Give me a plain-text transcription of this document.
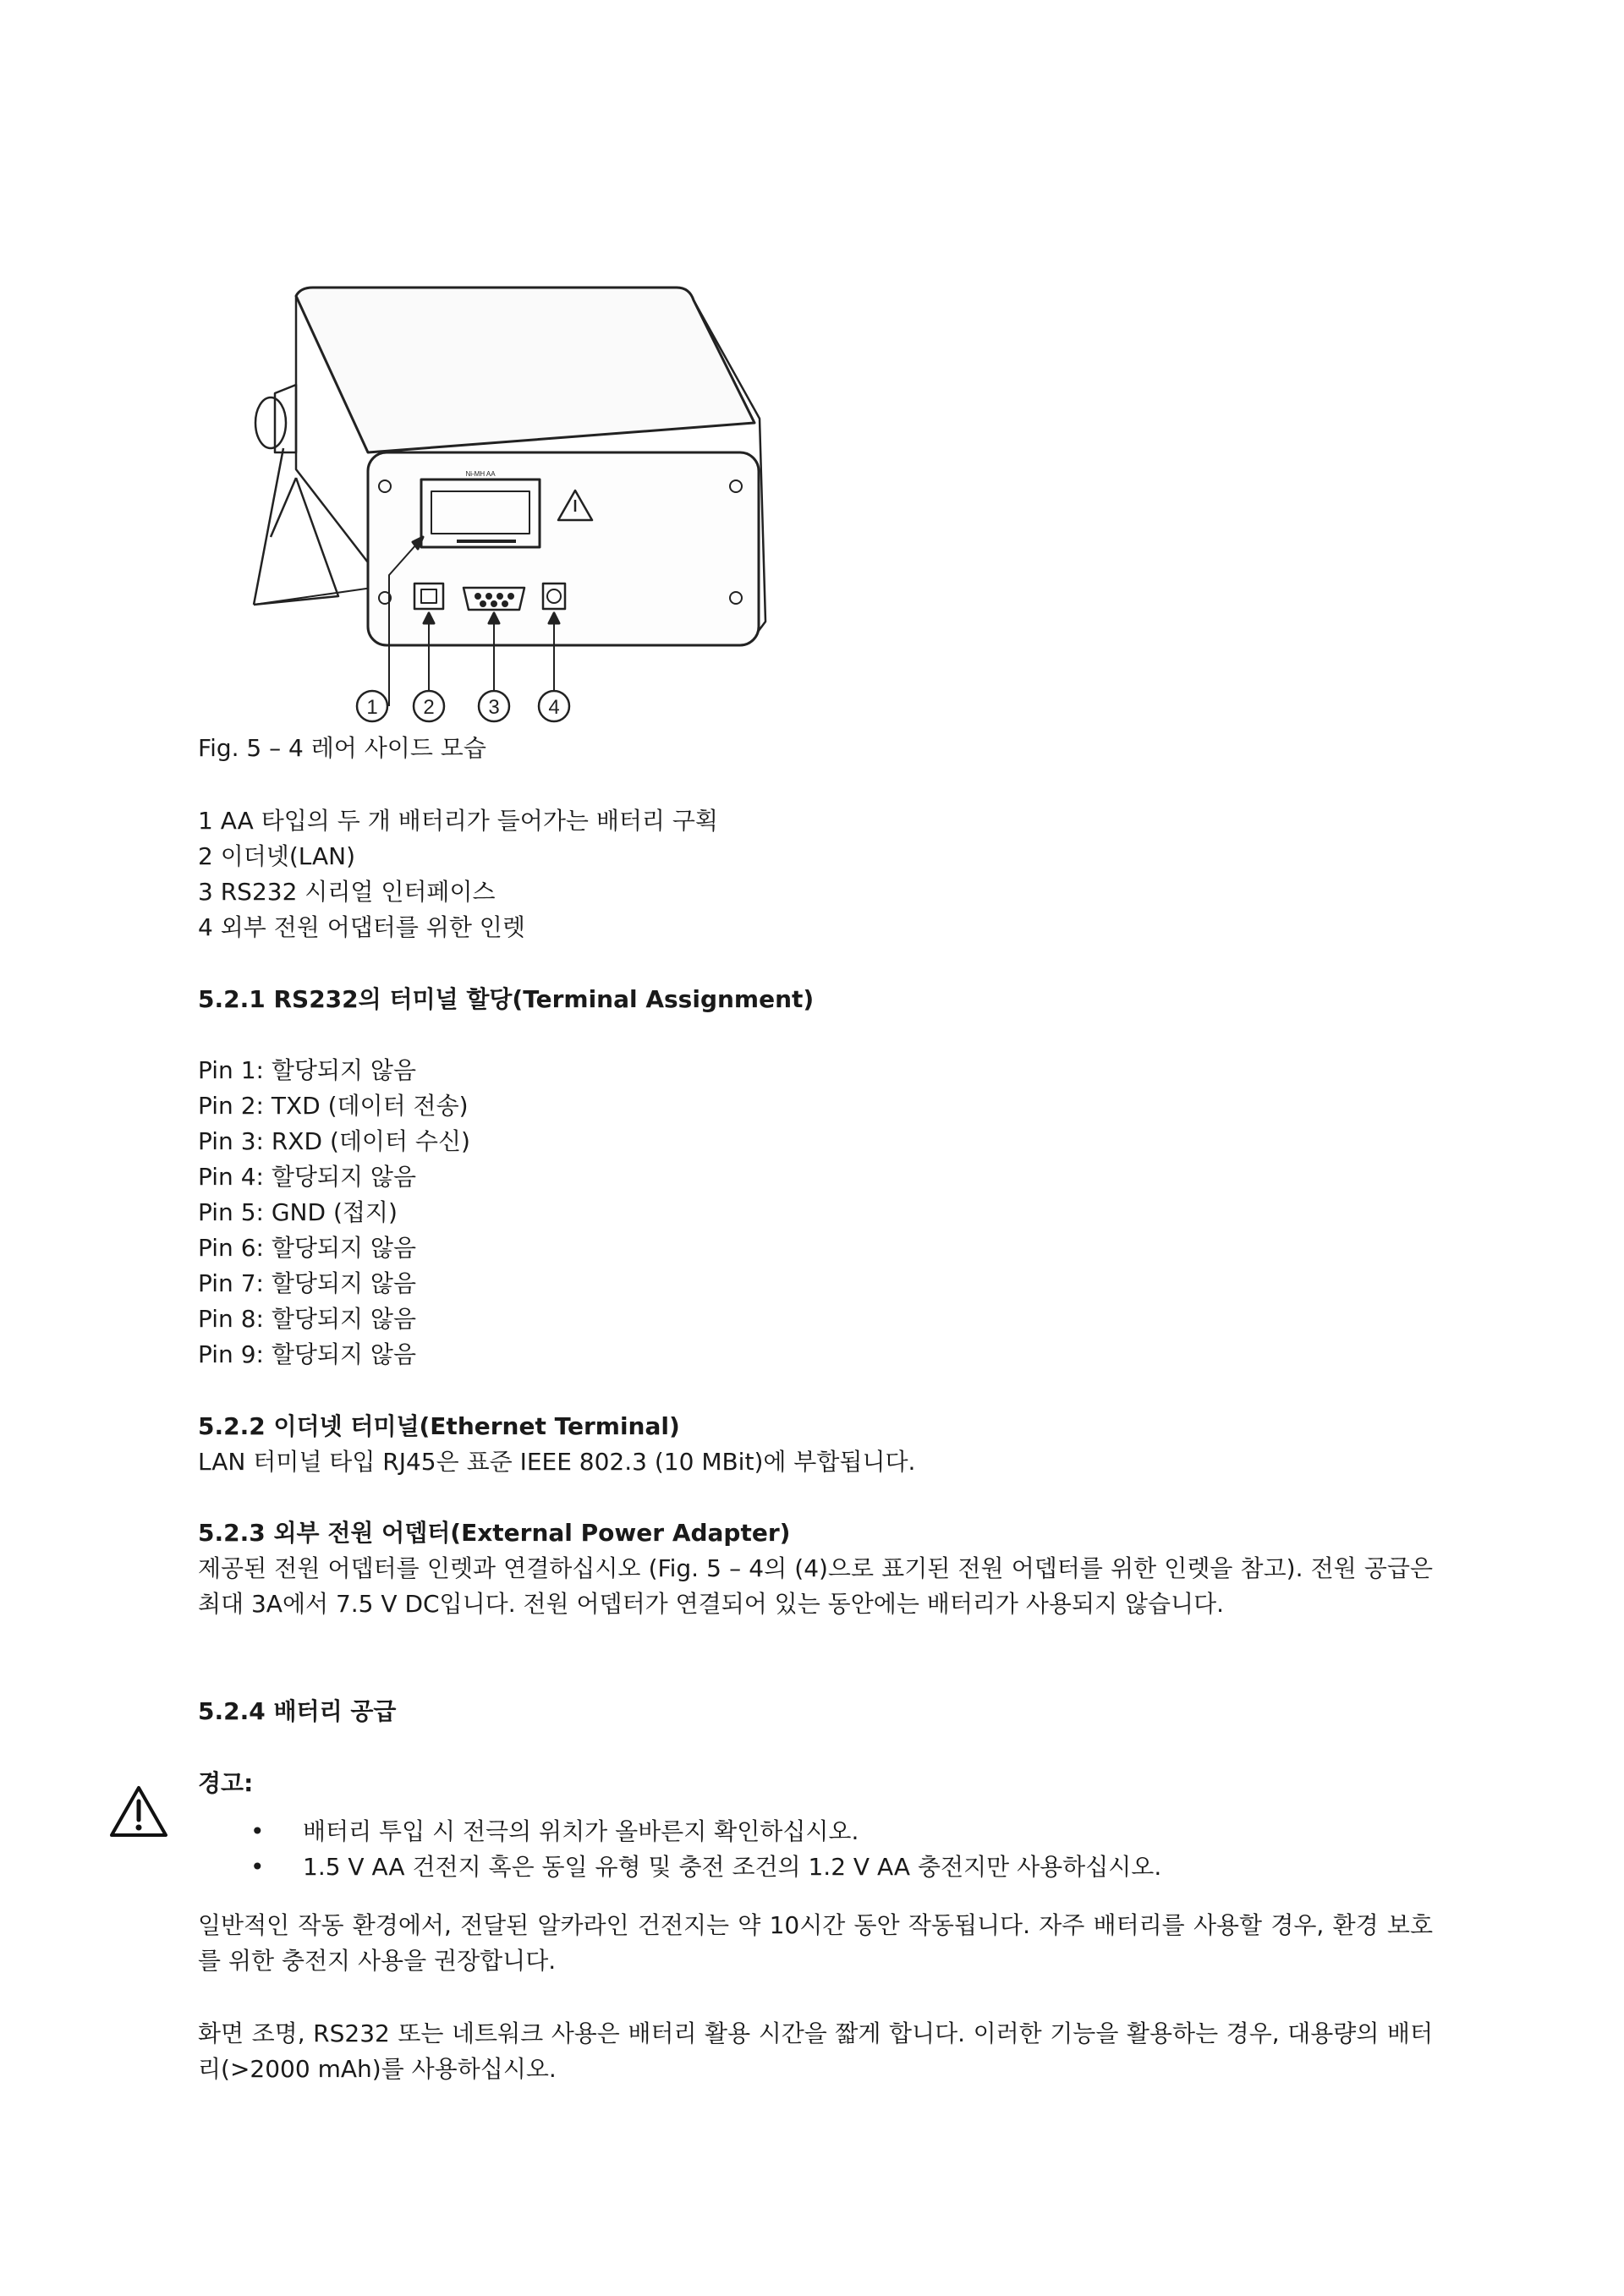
1 2	3 4
Ni-MH AA
Fig. 5 – 4 레어 사이드 모습
1 AA 타입의 두 개 배터리가 들어가는 배터리 구획
2 이더넷(LAN)
3 RS232 시리얼 인터페이스
4 외부 전원 어댑터를 위한 인렛
5.2.1 RS232의 터미널 할당(Terminal Assignment)
Pin 1: 할당되지 않음
Pin 2: TXD (데이터 전송)
Pin 3: RXD (데이터 수신)
Pin 4: 할당되지 않음
Pin 5: GND (접지)
Pin 6: 할당되지 않음
Pin 7: 할당되지 않음
Pin 8: 할당되지 않음
Pin 9: 할당되지 않음
5.2.2 이더넷 터미널(Ethernet Terminal)
LAN 터미널 타입 RJ45은 표준 IEEE 802.3 (10 MBit)에 부합됩니다.
5.2.3 외부 전원 어뎁터(External Power Adapter)
제공된 전원 어뎁터를 인렛과 연결하십시오 (Fig. 5 – 4의 (4)으로 표기된 전원 어뎁터를 위한 인렛을 참고). 전원 공급은 최대 3A에서 7.5 V DC입니다. 전원 어뎁터가 연결되어 있는 동안에는 배터리가 사용되지 않습니다.
5.2.4 배터리 공급
경고:
• 배터리 투입 시 전극의 위치가 올바른지 확인하십시오.
• 1.5 V AA 건전지 혹은 동일 유형 및 충전 조건의 1.2 V AA 충전지만 사용하십시오.
일반적인 작동 환경에서, 전달된 알카라인 건전지는 약 10시간 동안 작동됩니다. 자주 배터리를 사용할 경우, 환경 보호를 위한 충전지 사용을 권장합니다.
화면 조명, RS232 또는 네트워크 사용은 배터리 활용 시간을 짧게 합니다. 이러한 기능을 활용하는 경우, 대용량의 배터리(>2000 mAh)를 사용하십시오.
